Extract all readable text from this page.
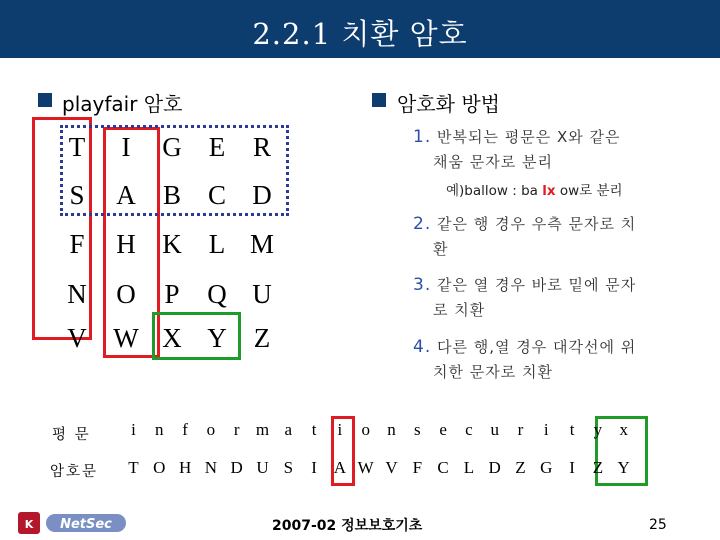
2.2.1 치환 암호
playfair 암호	암호화 방법
T	I	G	E	R
S	A	B C D
F	H K	L M
N	O	P	Q U
V W X Y	Z
1. 반복되는 평문은 X와 같은
채움 문자로 분리
예)ballow : ba lx ow로 분리
2. 같은 행 경우 우측 문자로 치
환
3. 같은 열 경우 바로 밑에 문자
로 치환
4. 다른 행,열 경우 대각선에 위
치한 문자로 치환
평 문
암호문
i	n	f	o	r m a	t	i	o	n	s	e	c	u	r	i	t	y	x
T O H N D U S	I A W V F C L D Z G I	Z Y
K NetSec	2007-02 정보보호기초	25
